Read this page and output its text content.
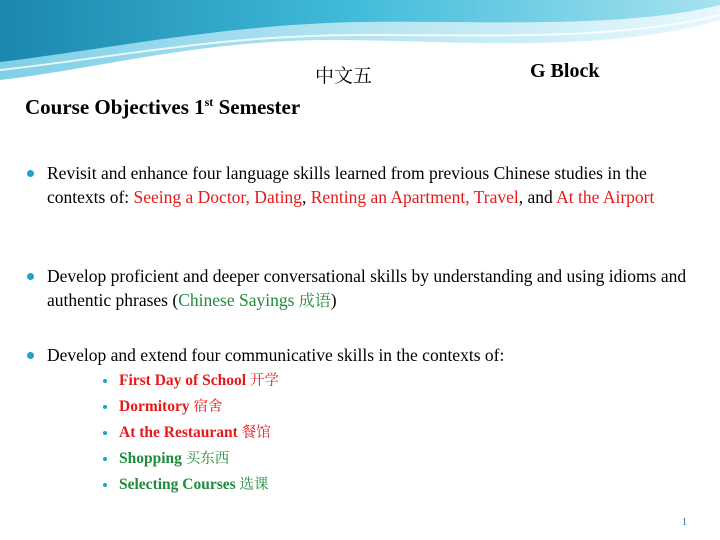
中文五	G Block
Course Objectives 1st Semester
Revisit and enhance four language skills learned from previous Chinese studies in the contexts of: Seeing a Doctor, Dating, Renting an Apartment, Travel, and At the Airport
Develop proficient and deeper conversational skills by understanding and using idioms and authentic phrases (Chinese Sayings 成语)
Develop and extend four communicative skills in the contexts of:
First Day of School 开学
Dormitory 宿舍
At the Restaurant 餐馆
Shopping 买东西
Selecting Courses 选课
1
